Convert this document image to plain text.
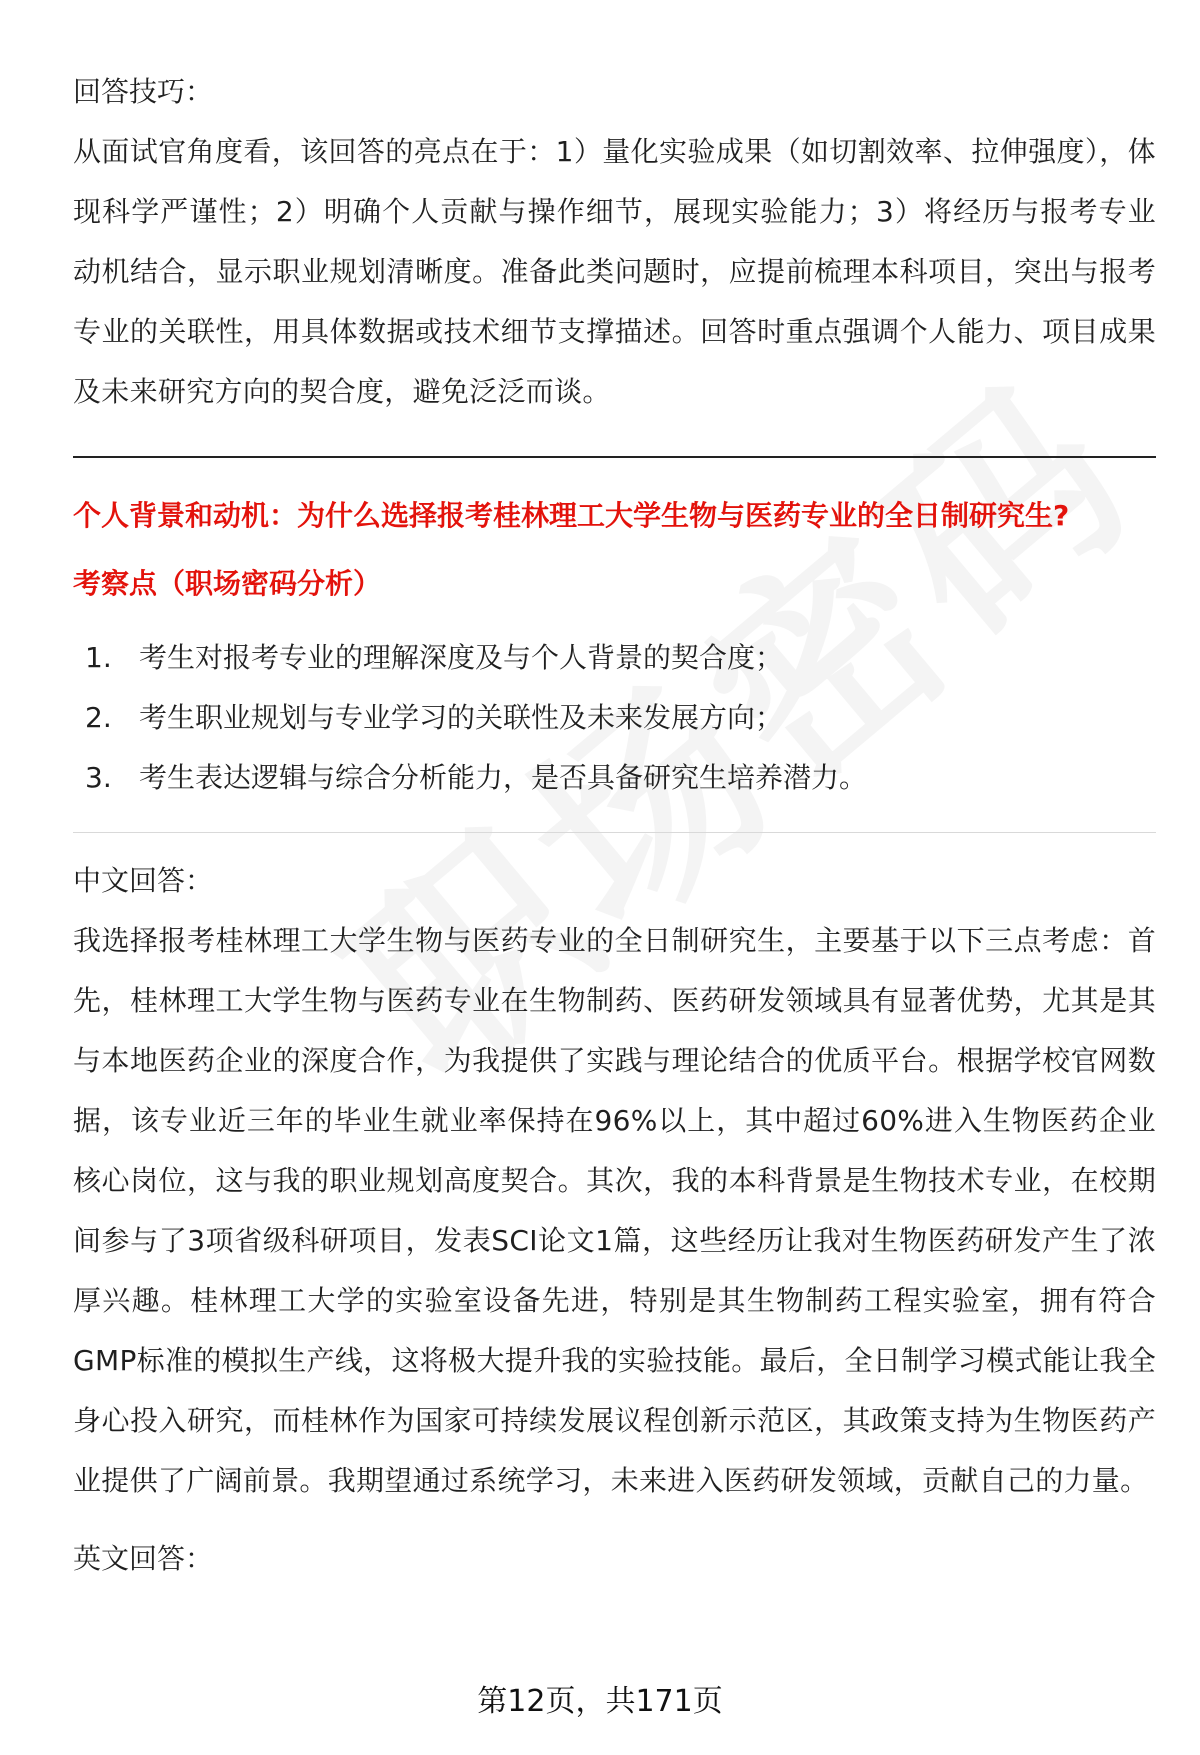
回答技巧：

从面试官角度看，该回答的亮点在于：1）量化实验成果（如切割效率、拉伸强度），体现科学严谨性；2）明确个人贡献与操作细节，展现实验能力；3）将经历与报考专业动机结合，显示职业规划清晰度。准备此类问题时，应提前梳理本科项目，突出与报考专业的关联性，用具体数据或技术细节支撑描述。回答时重点强调个人能力、项目成果及未来研究方向的契合度，避免泛泛而谈。

个人背景和动机：为什么选择报考桂林理工大学生物与医药专业的全日制研究生?

考察点（职场密码分析）

1. 考生对报考专业的理解深度及与个人背景的契合度；
2. 考生职业规划与专业学习的关联性及未来发展方向；
3. 考生表达逻辑与综合分析能力，是否具备研究生培养潜力。

中文回答：

我选择报考桂林理工大学生物与医药专业的全日制研究生，主要基于以下三点考虑：首先，桂林理工大学生物与医药专业在生物制药、医药研发领域具有显著优势，尤其是其与本地医药企业的深度合作，为我提供了实践与理论结合的优质平台。根据学校官网数据，该专业近三年的毕业生就业率保持在96%以上，其中超过60%进入生物医药企业核心岗位，这与我的职业规划高度契合。其次，我的本科背景是生物技术专业，在校期间参与了3项省级科研项目，发表SCI论文1篇，这些经历让我对生物医药研发产生了浓厚兴趣。桂林理工大学的实验室设备先进，特别是其生物制药工程实验室，拥有符合GMP标准的模拟生产线，这将极大提升我的实验技能。最后，全日制学习模式能让我全身心投入研究，而桂林作为国家可持续发展议程创新示范区，其政策支持为生物医药产业提供了广阔前景。我期望通过系统学习，未来进入医药研发领域，贡献自己的力量。

英文回答：

第12页，共171页
